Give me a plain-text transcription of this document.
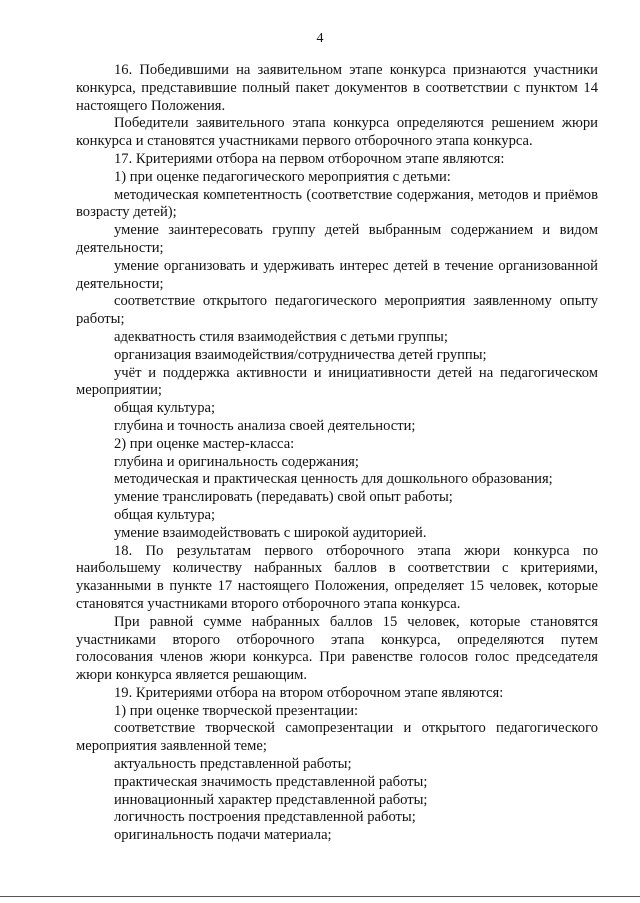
4

16. Победившими на заявительном этапе конкурса признаются участники конкурса, представившие полный пакет документов в соответствии с пунктом 14 настоящего Положения.

Победители заявительного этапа конкурса определяются решением жюри конкурса и становятся участниками первого отборочного этапа конкурса.

17. Критериями отбора на первом отборочном этапе являются:

1) при оценке педагогического мероприятия с детьми:

методическая компетентность (соответствие содержания, методов и приёмов возрасту детей);

умение заинтересовать группу детей выбранным содержанием и видом деятельности;

умение организовать и удерживать интерес детей в течение организованной деятельности;

соответствие открытого педагогического мероприятия заявленному опыту работы;

адекватность стиля взаимодействия с детьми группы;

организация взаимодействия/сотрудничества детей группы;

учёт и поддержка активности и инициативности детей на педагогическом мероприятии;

общая культура;

глубина и точность анализа своей деятельности;

2) при оценке мастер-класса:

глубина и оригинальность содержания;

методическая и практическая ценность для дошкольного образования;

умение транслировать (передавать) свой опыт работы;

общая культура;

умение взаимодействовать с широкой аудиторией.

18. По результатам первого отборочного этапа жюри конкурса по наибольшему количеству набранных баллов в соответствии с критериями, указанными в пункте 17 настоящего Положения, определяет 15 человек, которые становятся участниками второго отборочного этапа конкурса.

При равной сумме набранных баллов 15 человек, которые становятся участниками второго отборочного этапа конкурса, определяются путем голосования членов жюри конкурса. При равенстве голосов голос председателя жюри конкурса является решающим.

19. Критериями отбора на втором отборочном этапе являются:

1) при оценке творческой презентации:

соответствие творческой самопрезентации и открытого педагогического мероприятия заявленной теме;

актуальность представленной работы;

практическая значимость представленной работы;

инновационный характер представленной работы;

логичность построения представленной работы;

оригинальность подачи материала;
